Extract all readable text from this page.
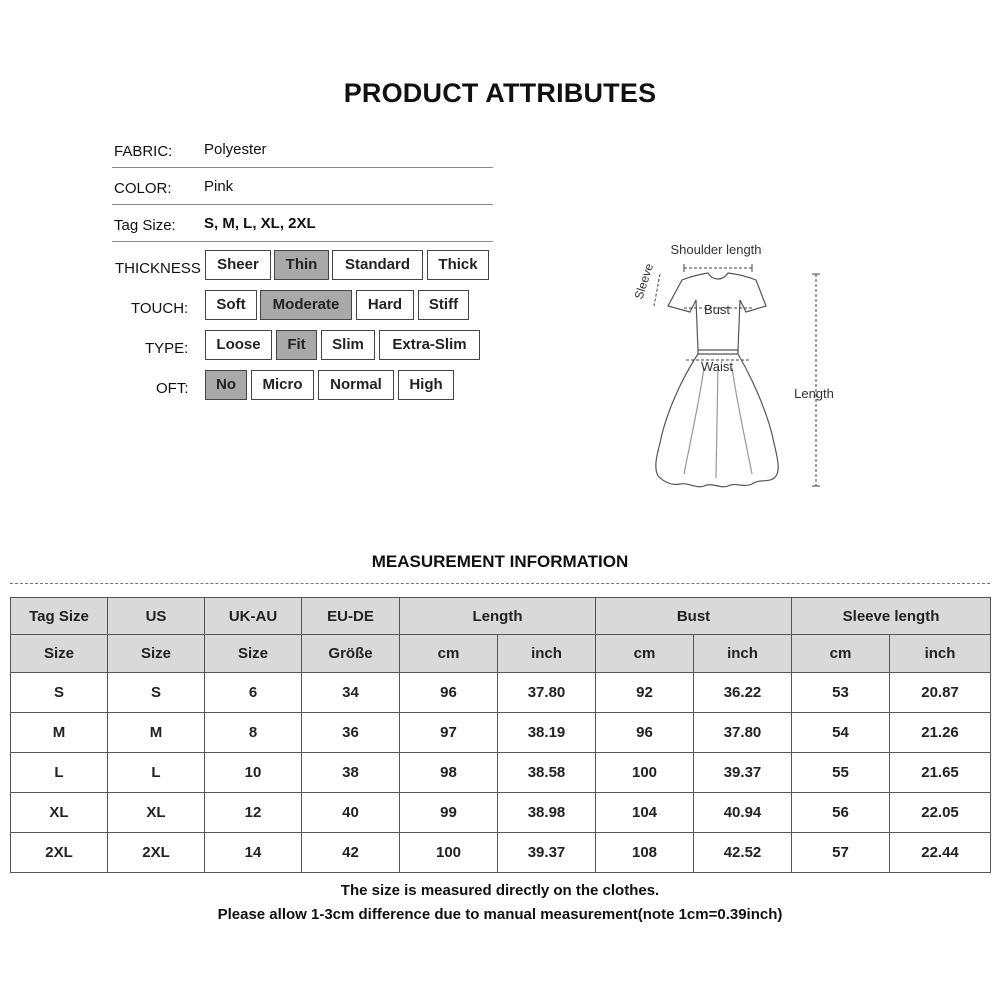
PRODUCT ATTRIBUTES
FABRIC: Polyester
COLOR: Pink
Tag Size: S, M, L, XL, 2XL
THICKNESS	Sheer	Thin	Standard	Thick
TOUCH:	Soft	Moderate	Hard	Stiff
TYPE:	Loose	Fit	Slim	Extra-Slim
OFT:	No	Micro	Normal	High
Shoulder length
Sleeve
Bust
Waist
Length
MEASUREMENT INFORMATION
Tag Size	US	UK-AU	EU-DE	Length		Bust		Sleeve length	
Size	Size	Size	Größe	cm	inch	cm	inch	cm	inch
S	S	6	34	96	37.80	92	36.22	53	20.87
M	M	8	36	97	38.19	96	37.80	54	21.26
L	L	10	38	98	38.58	100	39.37	55	21.65
XL	XL	12	40	99	38.98	104	40.94	56	22.05
2XL	2XL	14	42	100	39.37	108	42.52	57	22.44
The size is measured directly on the clothes.
Please allow 1-3cm difference due to manual measurement(note 1cm=0.39inch)
